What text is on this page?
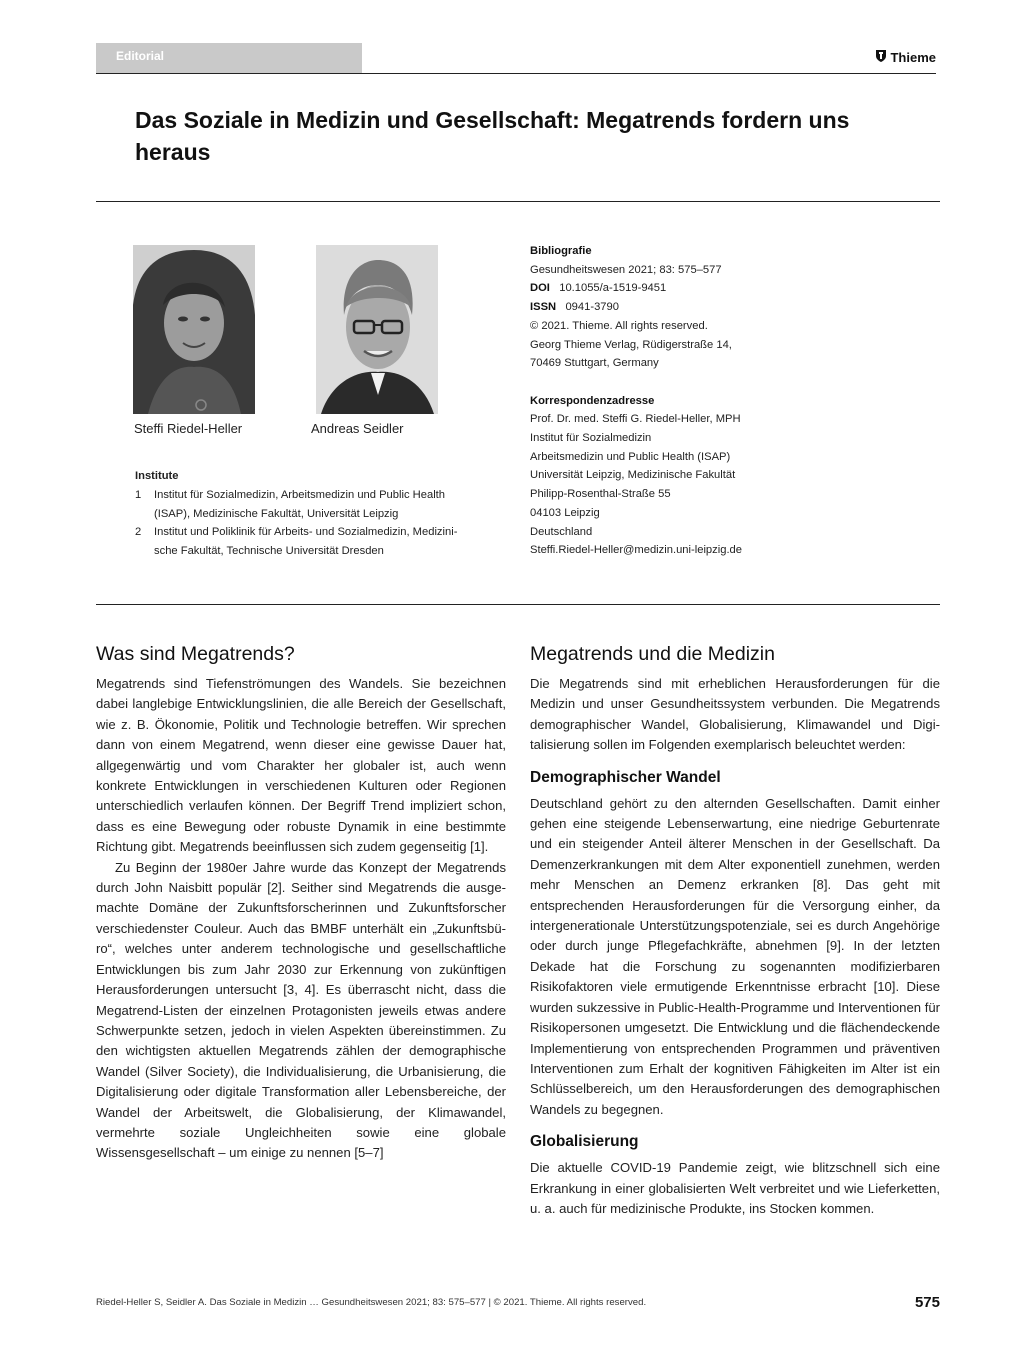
Editorial	Thieme
Das Soziale in Medizin und Gesellschaft: Megatrends fordern uns heraus
Steffi Riedel-Heller	Andreas Seidler
Institute
1	Institut für Sozialmedizin, Arbeitsmedizin und Public Health
(ISAP), Medizinische Fakultät, Universität Leipzig
2	Institut und Poliklinik für Arbeits- und Sozialmedizin, Medizini-
sche Fakultät, Technische Universität Dresden
Bibliografie
Gesundheitswesen 2021; 83: 575–577
DOI 10.1055/a-1519-9451
ISSN 0941-3790
© 2021. Thieme. All rights reserved.
Georg Thieme Verlag, Rüdigerstraße 14,
70469 Stuttgart, Germany
Korrespondenzadresse
Prof. Dr. med. Steffi G. Riedel-Heller, MPH
Institut für Sozialmedizin
Arbeitsmedizin und Public Health (ISAP)
Universität Leipzig, Medizinische Fakultät
Philipp-Rosenthal-Straße 55
04103 Leipzig
Deutschland
Steffi.Riedel-Heller@medizin.uni-leipzig.de
Was sind Megatrends?

Megatrends sind Tiefenströmungen des Wandels. Sie bezeichnen dabei langlebige Entwicklungslinien, die alle Bereich der Gesellschaft, wie z. B. Ökonomie, Politik und Technologie betreffen. Wir sprechen dann von einem Megatrend, wenn dieser eine gewisse Dauer hat, allgegenwärtig und vom Charakter her globaler ist, auch wenn konkrete Entwicklungen in verschiedenen Kulturen oder Regionen unterschiedlich verlaufen können. Der Begriff Trend impliziert schon, dass es eine Bewegung oder robuste Dynamik in eine bestimmte Richtung gibt. Megatrends beeinflussen sich zudem gegenseitig [1].

Zu Beginn der 1980er Jahre wurde das Konzept der Megatrends durch John Naisbitt populär [2]. Seither sind Megatrends die ausgemachte Domäne der Zukunftsforscherinnen und Zukunftsforscher verschiedenster Couleur. Auch das BMBF unterhält ein „Zukunftsbüro“, welches unter anderem technologische und gesellschaftliche Entwicklungen bis zum Jahr 2030 zur Erkennung von zukünftigen Herausforderungen untersucht [3, 4]. Es überrascht nicht, dass die Megatrend-Listen der einzelnen Protagonisten jeweils etwas andere Schwerpunkte setzen, jedoch in vielen Aspekten übereinstimmen. Zu den wichtigsten aktuellen Megatrends zählen der demographische Wandel (Silver Society), die Individualisierung, die Urbanisierung, die Digitalisierung oder digitale Transformation aller Lebensbereiche, der Wandel der Arbeitswelt, die Globalisierung, der Klimawandel, vermehrte soziale Ungleichheiten sowie eine globale Wissensgesellschaft – um einige zu nennen [5–7]

Megatrends und die Medizin

Die Megatrends sind mit erheblichen Herausforderungen für die Medizin und unser Gesundheitssystem verbunden. Die Megatrends demographischer Wandel, Globalisierung, Klimawandel und Digitalisierung sollen im Folgenden exemplarisch beleuchtet werden:

Demographischer Wandel

Deutschland gehört zu den alternden Gesellschaften. Damit einher gehen eine steigende Lebenserwartung, eine niedrige Geburtenrate und ein steigender Anteil älterer Menschen in der Gesellschaft. Da Demenzerkrankungen mit dem Alter exponentiell zunehmen, werden mehr Menschen an Demenz erkranken [8]. Das geht mit entsprechenden Herausforderungen für die Versorgung einher, da intergenerationale Unterstützungspotenziale, sei es durch Angehörige oder durch junge Pflegefachkräfte, abnehmen [9]. In der letzten Dekade hat die Forschung zu sogenannten modifizierbaren Risikofaktoren viele ermutigende Erkenntnisse erbracht [10]. Diese wurden sukzessive in Public-Health-Programme und Interventionen für Risikopersonen umgesetzt. Die Entwicklung und die flächendeckende Implementierung von entsprechenden Programmen und präventiven Interventionen zum Erhalt der kognitiven Fähigkeiten im Alter ist ein Schlüsselbereich, um den Herausforderungen des demographischen Wandels zu begegnen.

Globalisierung

Die aktuelle COVID-19 Pandemie zeigt, wie blitzschnell sich eine Erkrankung in einer globalisierten Welt verbreitet und wie Lieferketten, u. a. auch für medizinische Produkte, ins Stocken kommen.

Riedel-Heller S, Seidler A. Das Soziale in Medizin … Gesundheitswesen 2021; 83: 575–577 | © 2021. Thieme. All rights reserved.	575
